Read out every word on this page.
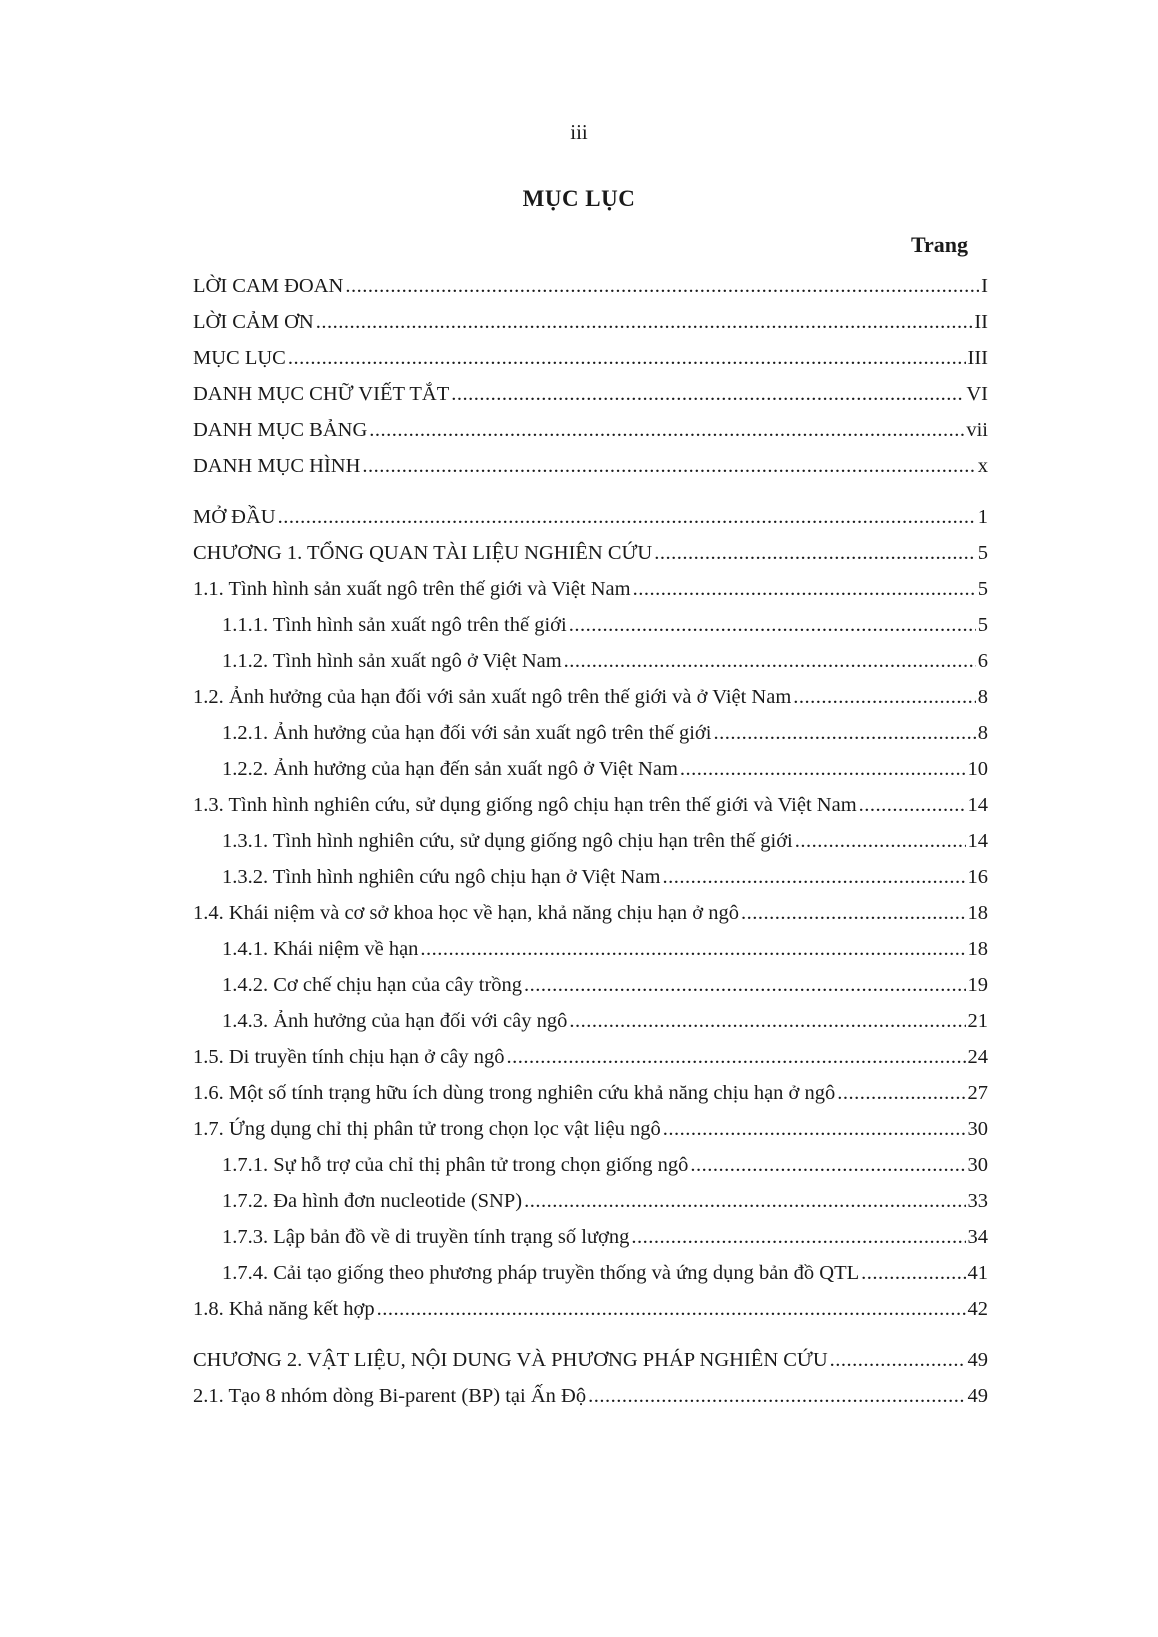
iii
MỤC LỤC
Trang
LỜI CAM ĐOAN .....	I
LỜI CẢM ƠN .....	II
MỤC LỤC .....	III
DANH MỤC CHỮ VIẾT TẮT .....	VI
DANH MỤC BẢNG .....	vii
DANH MỤC HÌNH .....	x
MỞ ĐẦU .....	1
CHƯƠNG 1. TỔNG QUAN TÀI LIỆU NGHIÊN CỨU .....	5
1.1. Tình hình sản xuất ngô trên thế giới và Việt Nam .....	5
1.1.1. Tình hình sản xuất ngô trên thế giới .....	5
1.1.2. Tình hình sản xuất ngô ở Việt Nam .....	6
1.2. Ảnh hưởng của hạn đối với sản xuất ngô trên thế giới và ở Việt Nam .....	8
1.2.1. Ảnh hưởng của hạn đối với sản xuất ngô trên thế giới .....	8
1.2.2. Ảnh hưởng của hạn đến sản xuất ngô ở Việt Nam .....	10
1.3. Tình hình nghiên cứu, sử dụng giống ngô chịu hạn trên thế giới và Việt Nam .....	14
1.3.1. Tình hình nghiên cứu, sử dụng giống ngô chịu hạn trên thế giới .....	14
1.3.2. Tình hình nghiên cứu ngô chịu hạn ở Việt Nam .....	16
1.4. Khái niệm và cơ sở khoa học về hạn, khả năng chịu hạn ở ngô .....	18
1.4.1. Khái niệm về hạn .....	18
1.4.2. Cơ chế chịu hạn của cây trồng .....	19
1.4.3. Ảnh hưởng của hạn đối với cây ngô .....	21
1.5. Di truyền tính chịu hạn ở cây ngô .....	24
1.6. Một số tính trạng hữu ích dùng trong nghiên cứu khả năng chịu hạn ở ngô .....	27
1.7. Ứng dụng chỉ thị phân tử trong chọn lọc vật liệu ngô .....	30
1.7.1. Sự hỗ trợ của chỉ thị phân tử trong chọn giống ngô .....	30
1.7.2. Đa hình đơn nucleotide (SNP) .....	33
1.7.3. Lập bản đồ về di truyền tính trạng số lượng .....	34
1.7.4. Cải tạo giống theo phương pháp truyền thống và ứng dụng bản đồ QTL .....	41
1.8. Khả năng kết hợp .....	42
CHƯƠNG 2. VẬT LIỆU, NỘI DUNG VÀ PHƯƠNG PHÁP NGHIÊN CỨU .....	49
2.1. Tạo 8 nhóm dòng Bi-parent (BP) tại Ấn Độ .....	49
